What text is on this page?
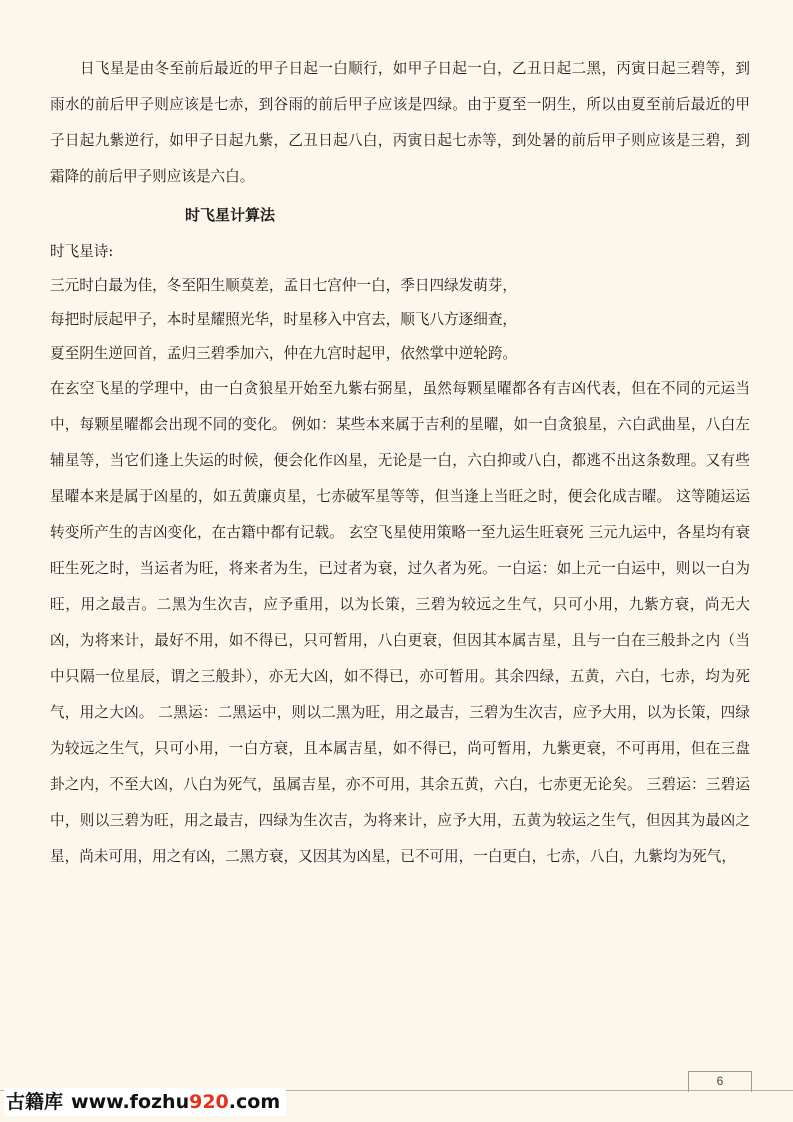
日飞星是由冬至前后最近的甲子日起一白顺行，如甲子日起一白，乙丑日起二黑，丙寅日起三碧等，到雨水的前后甲子则应该是七赤，到谷雨的前后甲子应该是四绿。由于夏至一阴生，所以由夏至前后最近的甲子日起九紫逆行，如甲子日起九紫，乙丑日起八白，丙寅日起七赤等，到处暑的前后甲子则应该是三碧，到霜降的前后甲子则应该是六白。

时飞星计算法

时飞星诗:

三元时白最为佳，冬至阳生顺莫差，孟日七宫仲一白，季日四绿发萌芽，

每把时辰起甲子，本时星耀照光华，时星移入中宫去，顺飞八方逐细查，

夏至阴生逆回首，孟归三碧季加六，仲在九宫时起甲，依然掌中逆轮跨。

在玄空飞星的学理中，由一白贪狼星开始至九紫右弼星，虽然每颗星曜都各有吉凶代表，但在不同的元运当中，每颗星曜都会出现不同的变化。 例如：某些本来属于吉利的星曜，如一白贪狼星，六白武曲星，八白左辅星等，当它们逢上失运的时候，便会化作凶星，无论是一白，六白抑或八白，都逃不出这条数理。又有些星曜本来是属于凶星的，如五黄廉贞星，七赤破军星等等，但当逢上当旺之时，便会化成吉曜。 这等随运运转变所产生的吉凶变化，在古籍中都有记载。 玄空飞星使用策略一至九运生旺衰死 三元九运中，各星均有衰旺生死之时，当运者为旺，将来者为生，已过者为衰，过久者为死。一白运：如上元一白运中，则以一白为旺，用之最吉。二黑为生次吉，应予重用，以为长策，三碧为较远之生气，只可小用，九紫方衰，尚无大凶，为将来计，最好不用，如不得已，只可暂用，八白更衰，但因其本属吉星，且与一白在三般卦之内（当中只隔一位星辰，谓之三般卦），亦无大凶，如不得已，亦可暂用。其余四绿，五黄，六白，七赤，均为死气，用之大凶。 二黑运：二黑运中，则以二黑为旺，用之最吉，三碧为生次吉，应予大用，以为长策，四绿为较远之生气，只可小用，一白方衰，且本属吉星，如不得已，尚可暂用，九紫更衰，不可再用，但在三盘卦之内，不至大凶，八白为死气，虽属吉星，亦不可用，其余五黄，六白，七赤更无论矣。 三碧运：三碧运中，则以三碧为旺，用之最吉，四绿为生次吉，为将来计，应予大用，五黄为较运之生气，但因其为最凶之星，尚未可用，用之有凶，二黑方衰，又因其为凶星，已不可用，一白更白，七赤，八白，九紫均为死气，

6
古籍库 www.fozhu920.com
